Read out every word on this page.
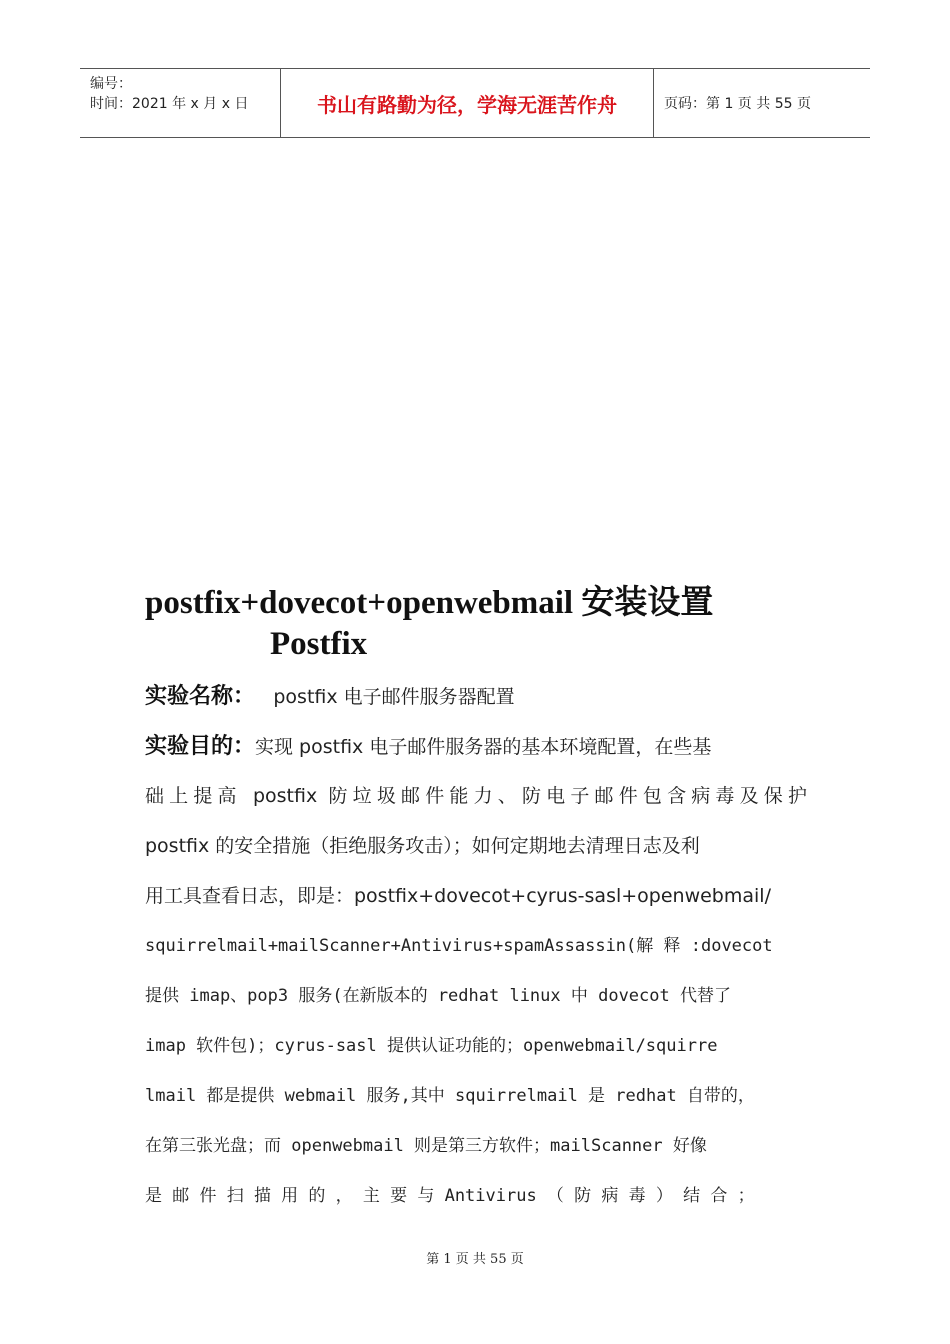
编号：
时间：2021 年 x 月 x 日	书山有路勤为径，学海无涯苦作舟	页码：第 1 页 共 55 页
postfix+dovecot+openwebmail 安装设置
Postfix
实验名称： postfix 电子邮件服务器配置
实验目的：实现 postfix 电子邮件服务器的基本环境配置，在些基
础上提高 postfix 防垃圾邮件能力、防电子邮件包含病毒及保护
postfix 的安全措施（拒绝服务攻击）；如何定期地去清理日志及利
用工具查看日志，即是：postfix+dovecot+cyrus-sasl+openwebmail/
squirrelmail+mailScanner+Antivirus+spamAssassin(解 释 :dovecot
提供 imap、pop3 服务(在新版本的 redhat linux 中 dovecot 代替了
imap 软件包)；cyrus-sasl 提供认证功能的；openwebmail/squirre
lmail 都是提供 webmail 服务,其中 squirrelmail 是 redhat 自带的，
在第三张光盘；而 openwebmail 则是第三方软件；mailScanner 好像
是 邮 件 扫 描 用 的 ， 主 要 与 Antivirus （ 防 病 毒 ） 结 合 ；
第 1 页 共 55 页
